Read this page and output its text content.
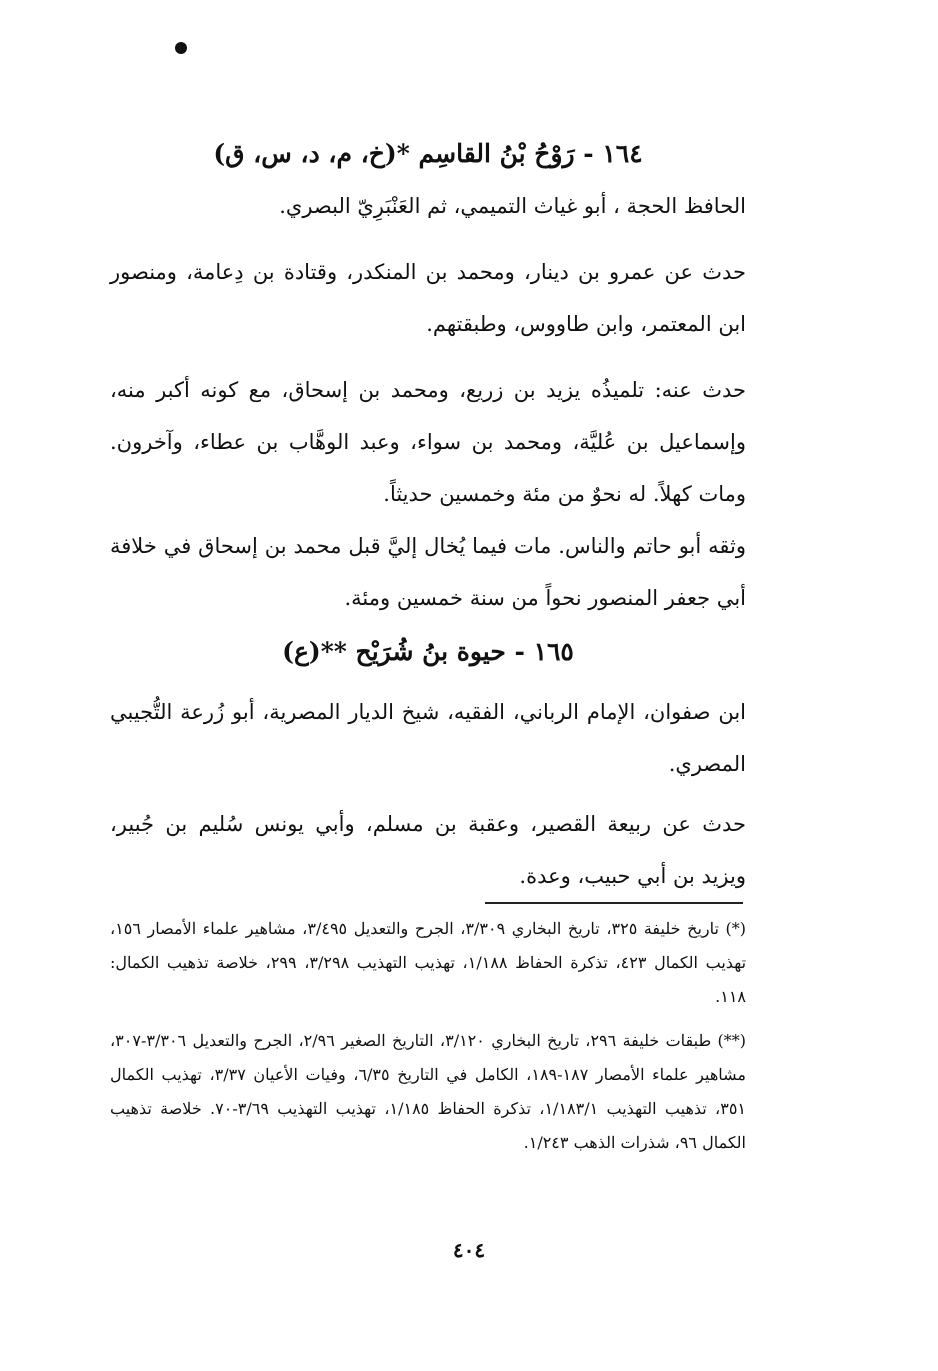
١٦٤ - رَوْحُ بْنُ القاسِم *(خ، م، د، س، ق)

الحافظ الحجة ، أبو غياث التميمي، ثم العَنْبَرِيّ البصري.

حدث عن عمرو بن دينار، ومحمد بن المنكدر، وقتادة بن دِعامة، ومنصور ابن المعتمر، وابن طاووس، وطبقتهم.

حدث عنه: تلميذُه يزيد بن زريع، ومحمد بن إسحاق، مع كونه أكبر منه، وإسماعيل بن عُليَّة، ومحمد بن سواء، وعبد الوهَّاب بن عطاء، وآخرون. ومات كهلاً. له نحوٌ من مئة وخمسين حديثاً.

وثقه أبو حاتم والناس. مات فيما يُخال إليَّ قبل محمد بن إسحاق في خلافة أبي جعفر المنصور نحواً من سنة خمسين ومئة.

١٦٥ - حيوة بنُ شُرَيْح **(ع)

ابن صفوان، الإمام الرباني، الفقيه، شيخ الديار المصرية، أبو زُرعة التُّجيبي المصري.

حدث عن ربيعة القصير، وعقبة بن مسلم، وأبي يونس سُليم بن جُبير، ويزيد بن أبي حبيب، وعدة.

(*) تاريخ خليفة ٣٢٥، تاريخ البخاري ٣/٣٠٩، الجرح والتعديل ٣/٤٩٥، مشاهير علماء الأمصار ١٥٦، تهذيب الكمال ٤٢٣، تذكرة الحفاظ ١/١٨٨، تهذيب التهذيب ٣/٢٩٨، ٢٩٩، خلاصة تذهيب الكمال: ١١٨.

(**) طبقات خليفة ٢٩٦، تاريخ البخاري ٣/١٢٠، التاريخ الصغير ٢/٩٦، الجرح والتعديل ٣/٣٠٦-٣٠٧، مشاهير علماء الأمصار ١٨٧-١٨٩، الكامل في التاريخ ٦/٣٥، وفيات الأعيان ٣/٣٧، تهذيب الكمال ٣٥١، تذهيب التهذيب ١/١٨٣/١، تذكرة الحفاظ ١/١٨٥، تهذيب التهذيب ٣/٦٩-٧٠. خلاصة تذهيب الكمال ٩٦، شذرات الذهب ١/٢٤٣.

٤٠٤
